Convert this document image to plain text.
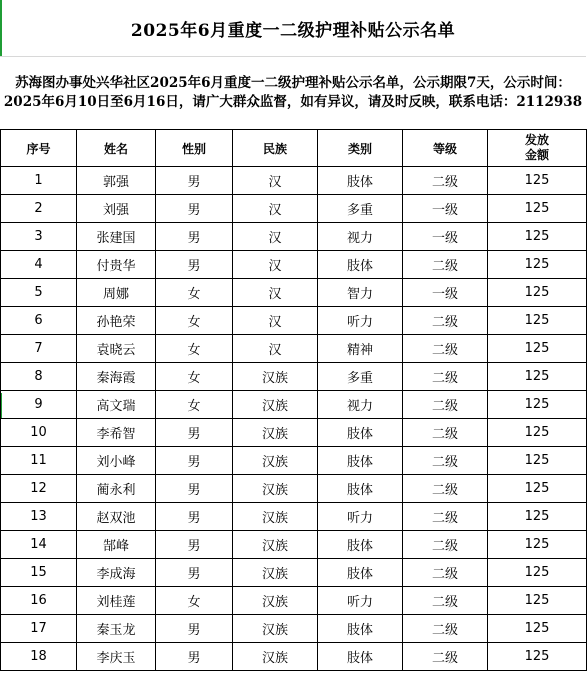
2025年6月重度一二级护理补贴公示名单
苏海图办事处兴华社区2025年6月重度一二级护理补贴公示名单，公示期限7天，公示时间：2025年6月10日至6月16日，请广大群众监督，如有异议，请及时反映，联系电话：2112938
序号	姓名	性别	民族	类别	等级	发放
金额

1	郭强	男	汉	肢体	二级	125
2	刘强	男	汉	多重	一级	125
3	张建国	男	汉	视力	一级	125
4	付贵华	男	汉	肢体	二级	125
5	周娜	女	汉	智力	一级	125
6	孙艳荣	女	汉	听力	二级	125
7	袁晓云	女	汉	精神	二级	125
8	秦海霞	女	汉族	多重	二级	125
9	高文瑞	女	汉族	视力	二级	125
10	李希智	男	汉族	肢体	二级	125
11	刘小峰	男	汉族	肢体	二级	125
12	蔺永利	男	汉族	肢体	二级	125
13	赵双池	男	汉族	听力	二级	125
14	郜峰	男	汉族	肢体	二级	125
15	李成海	男	汉族	肢体	二级	125
16	刘桂莲	女	汉族	听力	二级	125
17	秦玉龙	男	汉族	肢体	二级	125
18	李庆玉	男	汉族	肢体	二级	125
